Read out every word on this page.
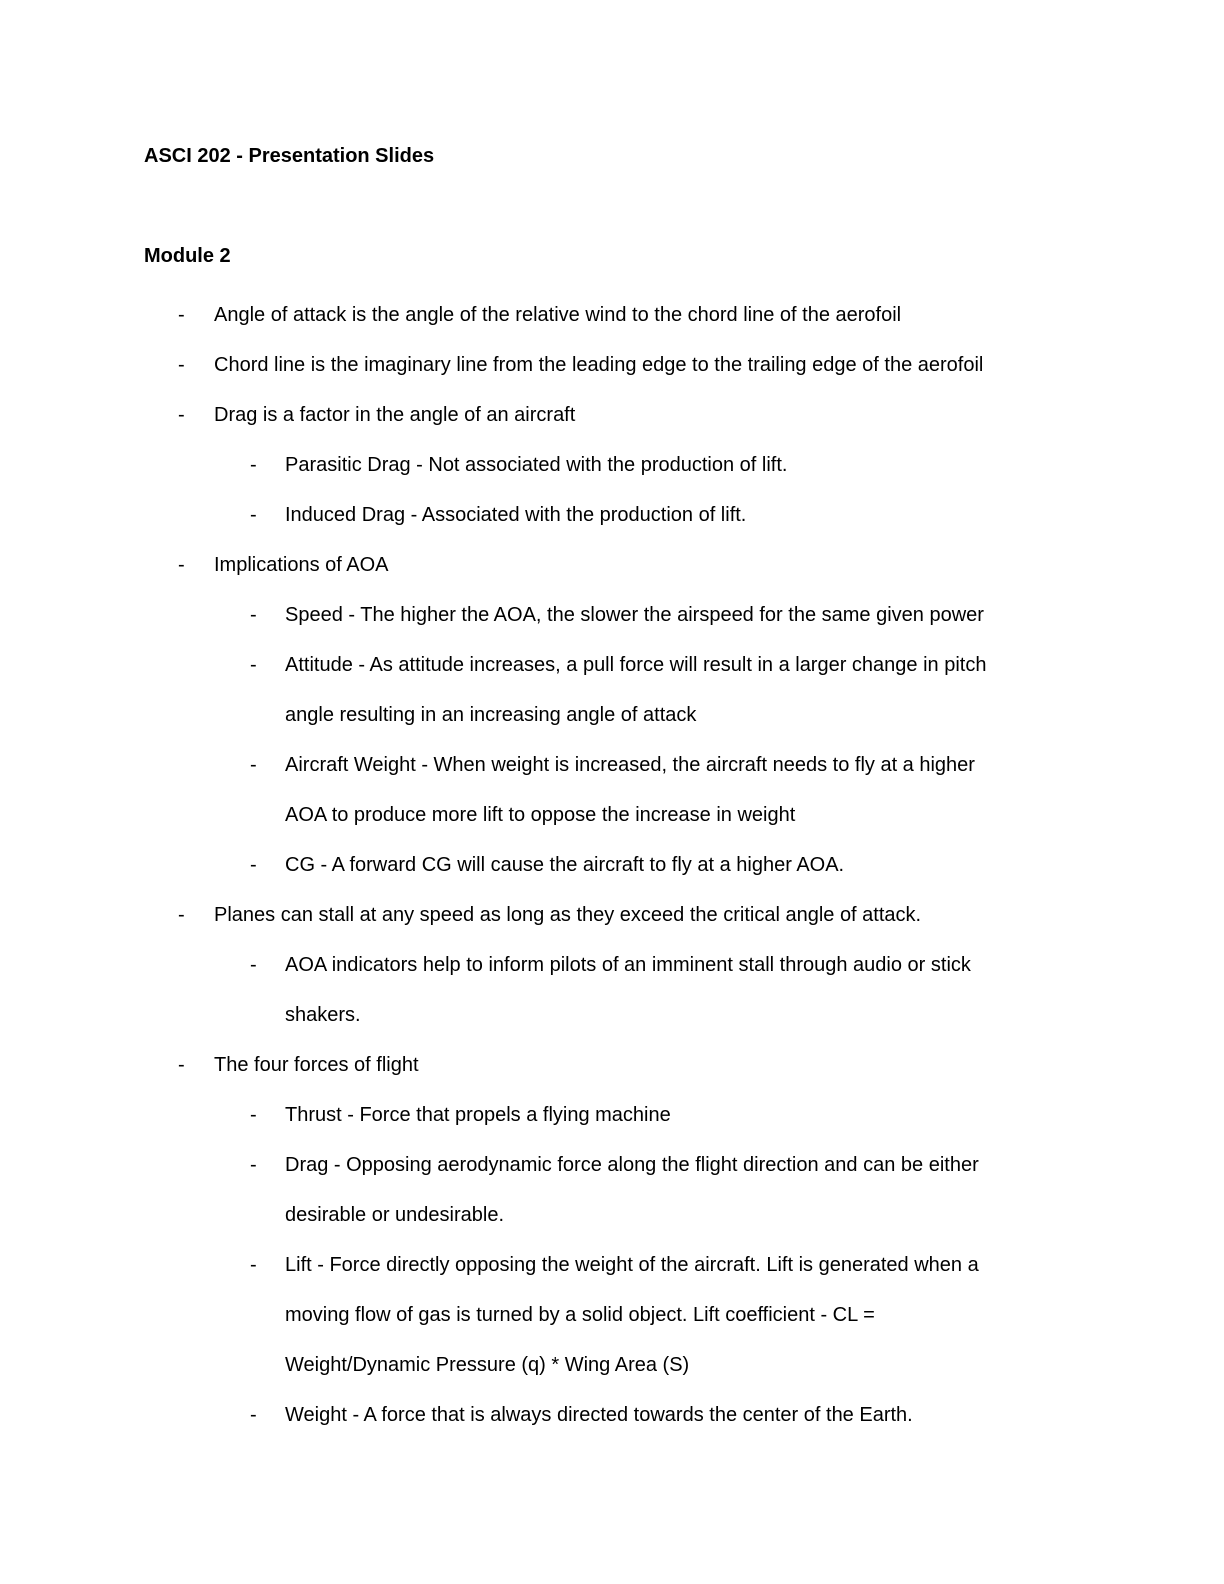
ASCI 202 - Presentation Slides
Module 2
- Angle of attack is the angle of the relative wind to the chord line of the aerofoil
- Chord line is the imaginary line from the leading edge to the trailing edge of the aerofoil
- Drag is a factor in the angle of an aircraft
- Parasitic Drag - Not associated with the production of lift.
- Induced Drag - Associated with the production of lift.
- Implications of AOA
- Speed - The higher the AOA, the slower the airspeed for the same given power
- Attitude - As attitude increases, a pull force will result in a larger change in pitch
angle resulting in an increasing angle of attack
- Aircraft Weight - When weight is increased, the aircraft needs to fly at a higher
AOA to produce more lift to oppose the increase in weight
- CG - A forward CG will cause the aircraft to fly at a higher AOA.
- Planes can stall at any speed as long as they exceed the critical angle of attack.
- AOA indicators help to inform pilots of an imminent stall through audio or stick
shakers.
- The four forces of flight
- Thrust - Force that propels a flying machine
- Drag - Opposing aerodynamic force along the flight direction and can be either
desirable or undesirable.
- Lift - Force directly opposing the weight of the aircraft. Lift is generated when a
moving flow of gas is turned by a solid object. Lift coefficient - CL =
Weight/Dynamic Pressure (q) * Wing Area (S)
- Weight - A force that is always directed towards the center of the Earth.
